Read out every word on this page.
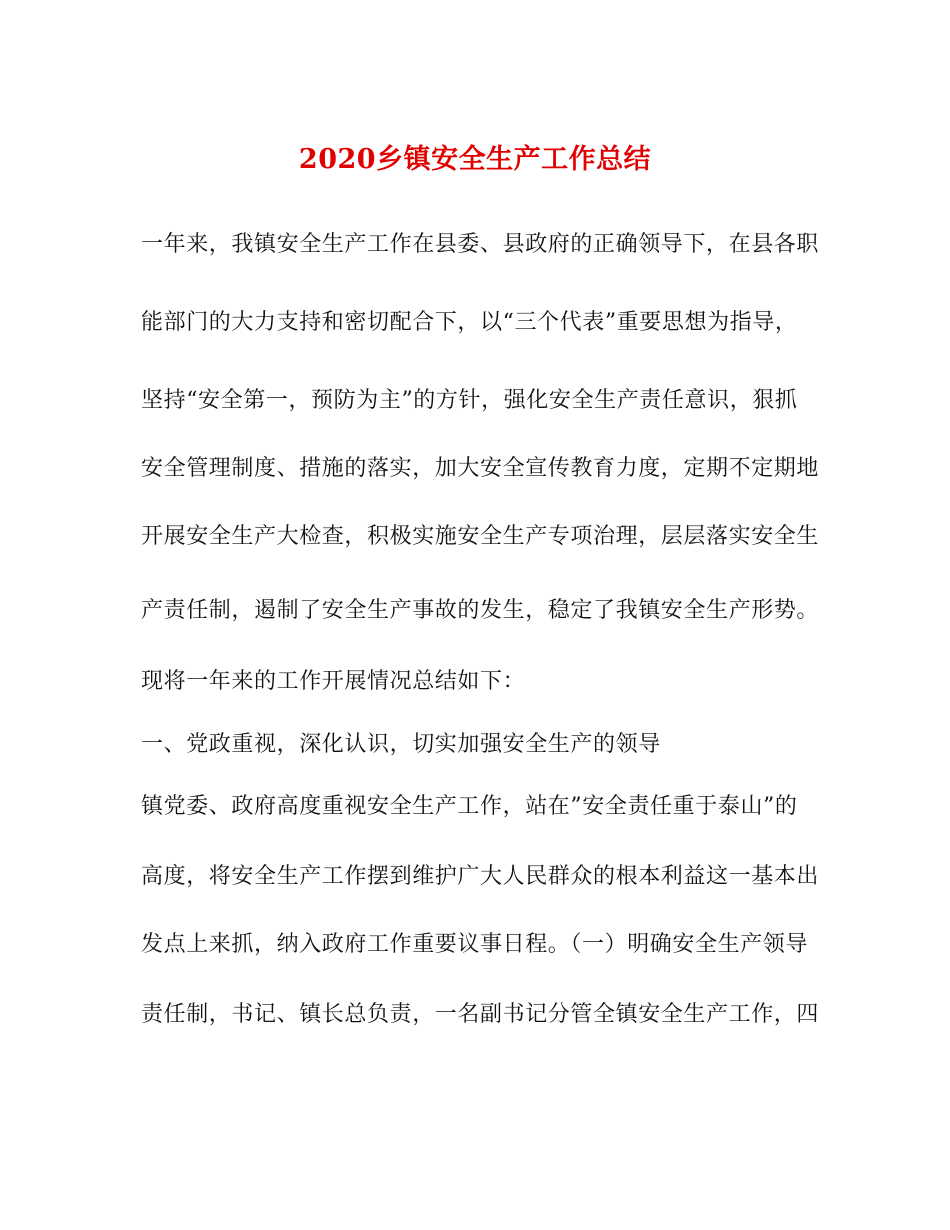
2020乡镇安全生产工作总结
一年来，我镇安全生产工作在县委、县政府的正确领导下，在县各职
能部门的大力支持和密切配合下，以“三个代表”重要思想为指导，
坚持“安全第一，预防为主”的方针，强化安全生产责任意识，狠抓
安全管理制度、措施的落实，加大安全宣传教育力度，定期不定期地
开展安全生产大检查，积极实施安全生产专项治理，层层落实安全生
产责任制，遏制了安全生产事故的发生，稳定了我镇安全生产形势。
现将一年来的工作开展情况总结如下：
一、党政重视，深化认识，切实加强安全生产的领导
镇党委、政府高度重视安全生产工作，站在”安全责任重于泰山”的
高度，将安全生产工作摆到维护广大人民群众的根本利益这一基本出
发点上来抓，纳入政府工作重要议事日程。（一）明确安全生产领导
责任制，书记、镇长总负责，一名副书记分管全镇安全生产工作，四
